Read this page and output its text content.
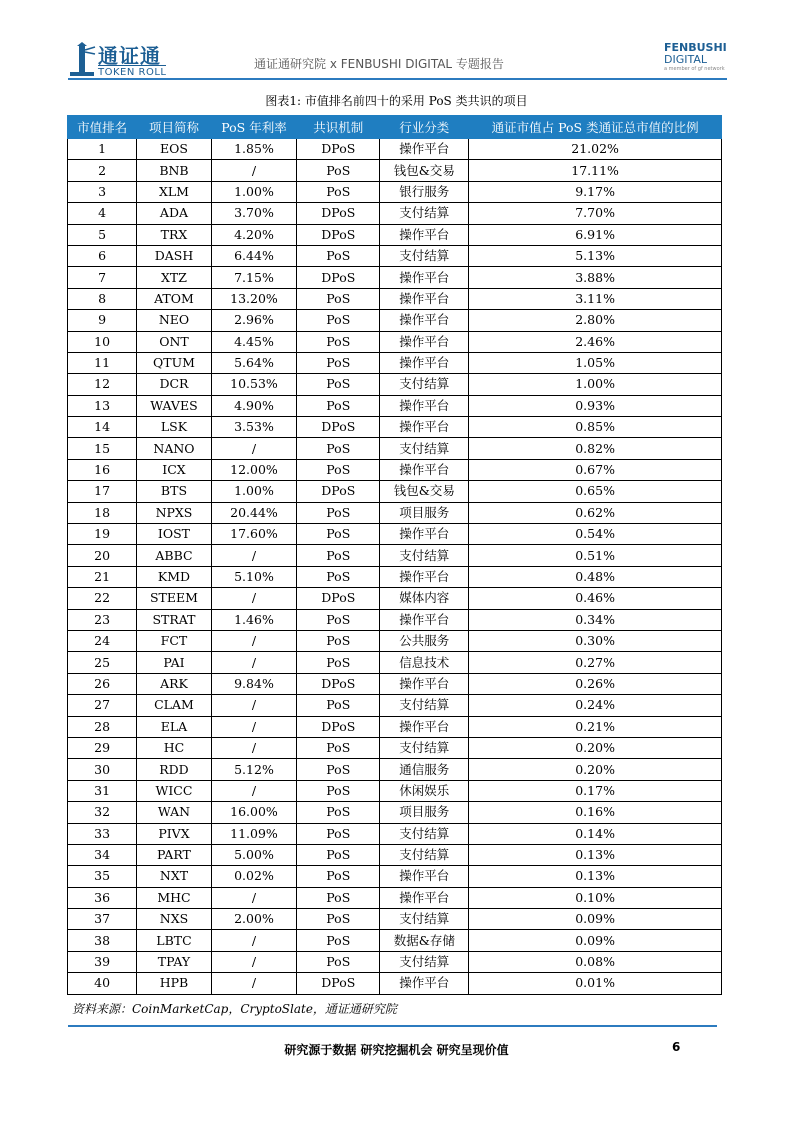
通证通
TOKEN ROLL
通证通研究院 x FENBUSHI DIGITAL 专题报告
FENBUSHI
DIGITAL
a member of gf network
图表1: 市值排名前四十的采用 PoS 类共识的项目
市值排名	项目简称	PoS 年利率	共识机制	行业分类	通证市值占 PoS 类通证总市值的比例
1	EOS	1.85%	DPoS	操作平台	21.02%
2	BNB	/	PoS	钱包&交易	17.11%
3	XLM	1.00%	PoS	银行服务	9.17%
4	ADA	3.70%	DPoS	支付结算	7.70%
5	TRX	4.20%	DPoS	操作平台	6.91%
6	DASH	6.44%	PoS	支付结算	5.13%
7	XTZ	7.15%	DPoS	操作平台	3.88%
8	ATOM	13.20%	PoS	操作平台	3.11%
9	NEO	2.96%	PoS	操作平台	2.80%
10	ONT	4.45%	PoS	操作平台	2.46%
11	QTUM	5.64%	PoS	操作平台	1.05%
12	DCR	10.53%	PoS	支付结算	1.00%
13	WAVES	4.90%	PoS	操作平台	0.93%
14	LSK	3.53%	DPoS	操作平台	0.85%
15	NANO	/	PoS	支付结算	0.82%
16	ICX	12.00%	PoS	操作平台	0.67%
17	BTS	1.00%	DPoS	钱包&交易	0.65%
18	NPXS	20.44%	PoS	项目服务	0.62%
19	IOST	17.60%	PoS	操作平台	0.54%
20	ABBC	/	PoS	支付结算	0.51%
21	KMD	5.10%	PoS	操作平台	0.48%
22	STEEM	/	DPoS	媒体内容	0.46%
23	STRAT	1.46%	PoS	操作平台	0.34%
24	FCT	/	PoS	公共服务	0.30%
25	PAI	/	PoS	信息技术	0.27%
26	ARK	9.84%	DPoS	操作平台	0.26%
27	CLAM	/	PoS	支付结算	0.24%
28	ELA	/	DPoS	操作平台	0.21%
29	HC	/	PoS	支付结算	0.20%
30	RDD	5.12%	PoS	通信服务	0.20%
31	WICC	/	PoS	休闲娱乐	0.17%
32	WAN	16.00%	PoS	项目服务	0.16%
33	PIVX	11.09%	PoS	支付结算	0.14%
34	PART	5.00%	PoS	支付结算	0.13%
35	NXT	0.02%	PoS	操作平台	0.13%
36	MHC	/	PoS	操作平台	0.10%
37	NXS	2.00%	PoS	支付结算	0.09%
38	LBTC	/	PoS	数据&存储	0.09%
39	TPAY	/	PoS	支付结算	0.08%
40	HPB	/	DPoS	操作平台	0.01%
资料来源：CoinMarketCap，CryptoSlate，通证通研究院
研究源于数据 研究挖掘机会 研究呈现价值	6
